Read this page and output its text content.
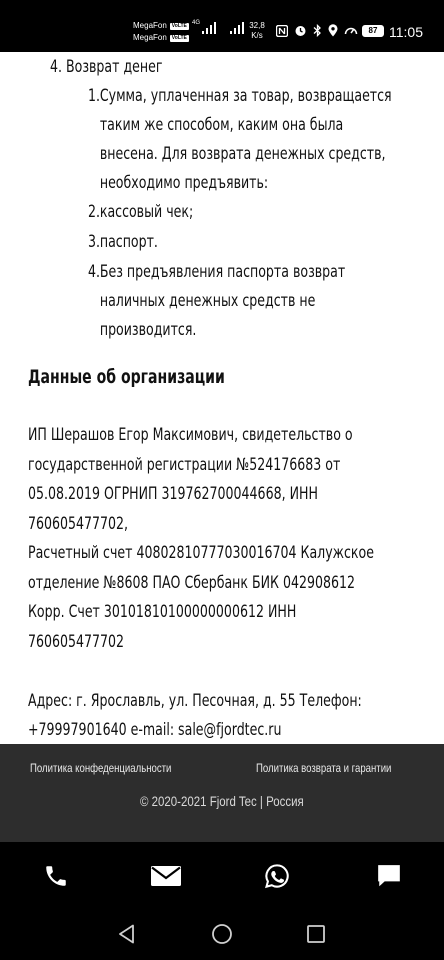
MegaFon	VoLTE
MegaFon	VoLTE
4G	32,8
K/s
87 11:05
4. Возврат денег
1. Сумма, уплаченная за товар, возвращается
таким же способом, каким она была
внесена. Для возврата денежных средств,
необходимо предъявить:
2. кассовый чек;
3. паспорт.
4. Без предъявления паспорта возврат
наличных денежных средств не
производится.
Данные об организации
ИП Шерашов Егор Максимович, свидетельство о
государственной регистрации №524176683 от
05.08.2019 ОГРНИП 319762700044668, ИНН
760605477702,
Расчетный счет 40802810777030016704 Калужское
отделение №8608 ПАО Сбербанк БИК 042908612
Корр. Счет 30101810100000000612 ИНН
760605477702
Адрес: г. Ярославль, ул. Песочная, д. 55 Телефон:
+79997901640 e-mail: sale@fjordtec.ru
Политика конфеденциальности	Политика возврата и гарантии
© 2020-2021 Fjord Tec | Россия
